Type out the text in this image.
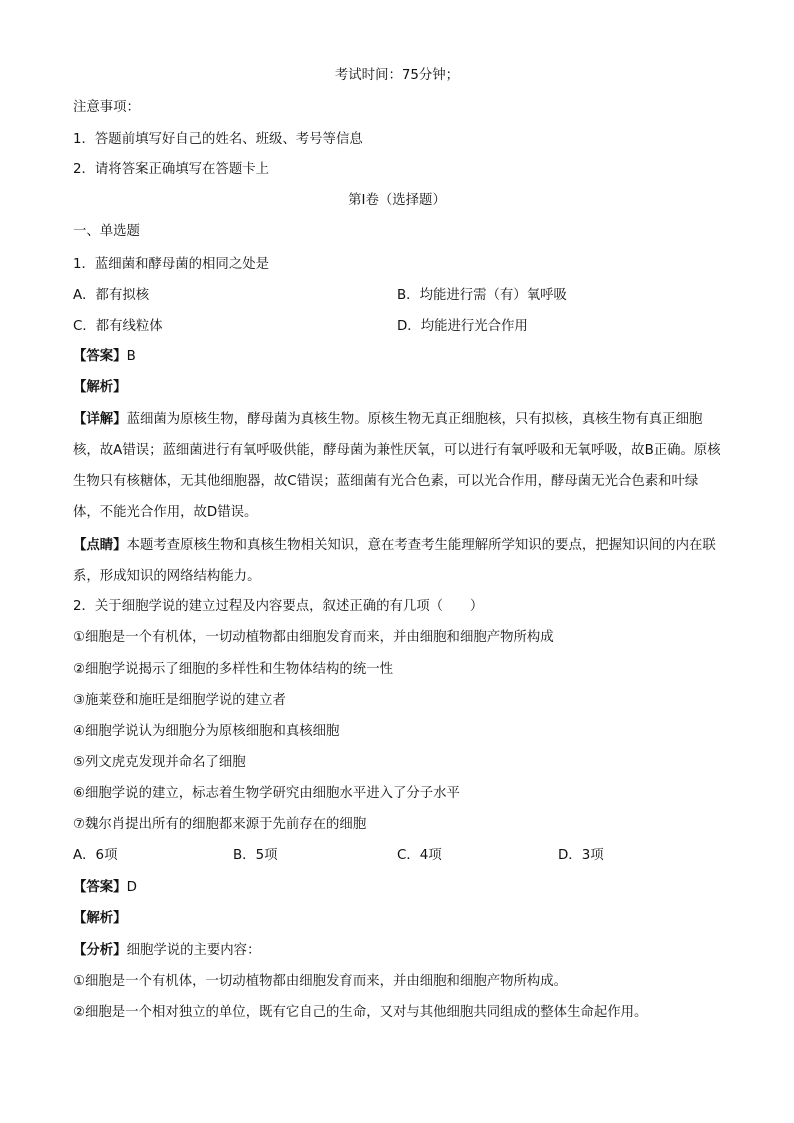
考试时间：75分钟；
注意事项：
1．答题前填写好自己的姓名、班级、考号等信息
2．请将答案正确填写在答题卡上
第I卷（选择题）
一、单选题
1．蓝细菌和酵母菌的相同之处是
A．都有拟核	B．均能进行需（有）氧呼吸
C．都有线粒体	D．均能进行光合作用
【答案】B
【解析】
【详解】蓝细菌为原核生物，酵母菌为真核生物。原核生物无真正细胞核，只有拟核，真核生物有真正细胞核，故A错误；蓝细菌进行有氧呼吸供能，酵母菌为兼性厌氧，可以进行有氧呼吸和无氧呼吸，故B正确。原核生物只有核糖体，无其他细胞器，故C错误；蓝细菌有光合色素，可以光合作用，酵母菌无光合色素和叶绿体，不能光合作用，故D错误。
【点睛】本题考查原核生物和真核生物相关知识，意在考查考生能理解所学知识的要点，把握知识间的内在联系，形成知识的网络结构能力。
2．关于细胞学说的建立过程及内容要点，叙述正确的有几项（　　）
①细胞是一个有机体，一切动植物都由细胞发育而来，并由细胞和细胞产物所构成
②细胞学说揭示了细胞的多样性和生物体结构的统一性
③施莱登和施旺是细胞学说的建立者
④细胞学说认为细胞分为原核细胞和真核细胞
⑤列文虎克发现并命名了细胞
⑥细胞学说的建立，标志着生物学研究由细胞水平进入了分子水平
⑦魏尔肖提出所有的细胞都来源于先前存在的细胞
A．6项	B．5项	C．4项	D．3项
【答案】D
【解析】
【分析】细胞学说的主要内容：
①细胞是一个有机体，一切动植物都由细胞发育而来，并由细胞和细胞产物所构成。
②细胞是一个相对独立的单位，既有它自己的生命，又对与其他细胞共同组成的整体生命起作用。
